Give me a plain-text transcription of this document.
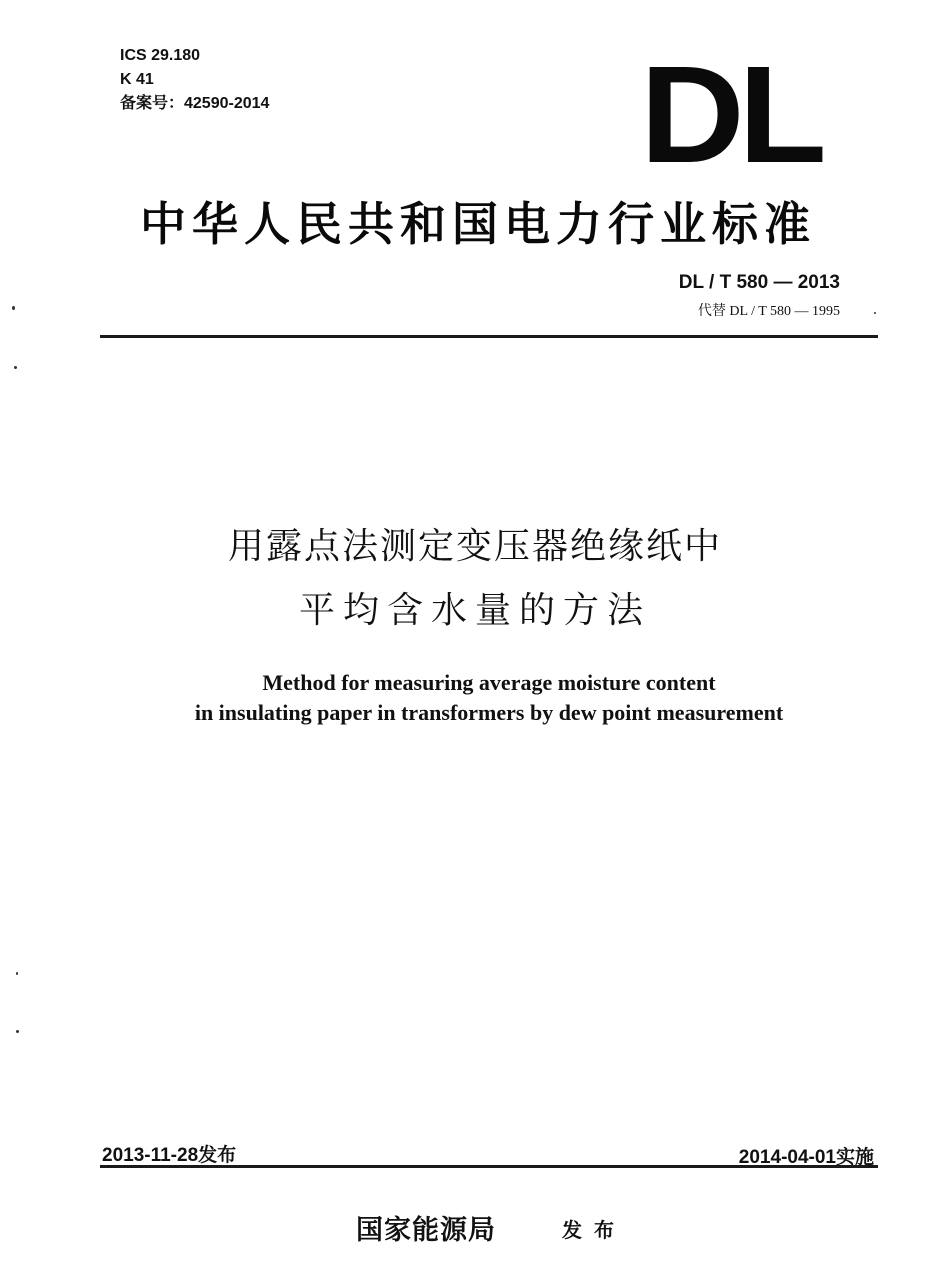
ICS 29.180
K 41
备案号：42590-2014	DL
中华人民共和国电力行业标准
DL / T 580 — 2013
代替 DL / T 580 — 1995
用露点法测定变压器绝缘纸中
平均含水量的方法
Method for measuring average moisture content
in insulating paper in transformers by dew point measurement
2013-11-28发布	2014-04-01实施
国家能源局	发布
